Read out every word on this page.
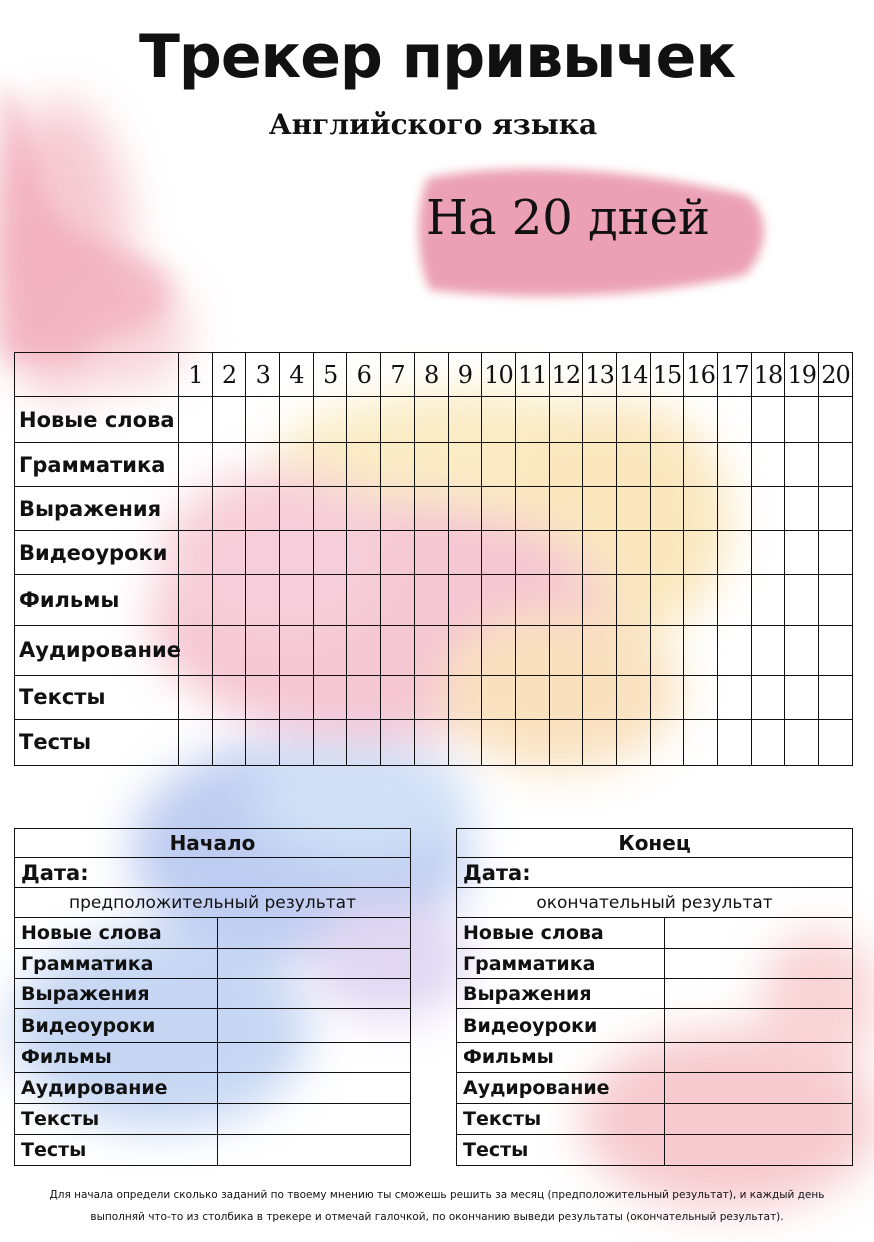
Трекер привычек
Английского языка
На 20 дней
	1	2	3	4	5	6	7	8	9	10	11	12	13	14	15	16	17	18	19	20
Новые слова																				
Грамматика																				
Выражения																				
Видеоуроки																				
Фильмы																				
Аудирование																				
Тексты																				
Тесты																				
Начало	
Дата:	
предположительный результат	
Новые слова	
Грамматика	
Выражения	
Видеоуроки	
Фильмы	
Аудирование	
Тексты	
Тесты	
Конец	
Дата:	
окончательный результат	
Новые слова	
Грамматика	
Выражения	
Видеоуроки	
Фильмы	
Аудирование	
Тексты	
Тесты	
Для начала определи сколько заданий по твоему мнению ты сможешь решить за месяц (предположительный результат), и каждый день
выполняй что-то из столбика в трекере и отмечай галочкой, по окончанию выведи результаты (окончательный результат).
